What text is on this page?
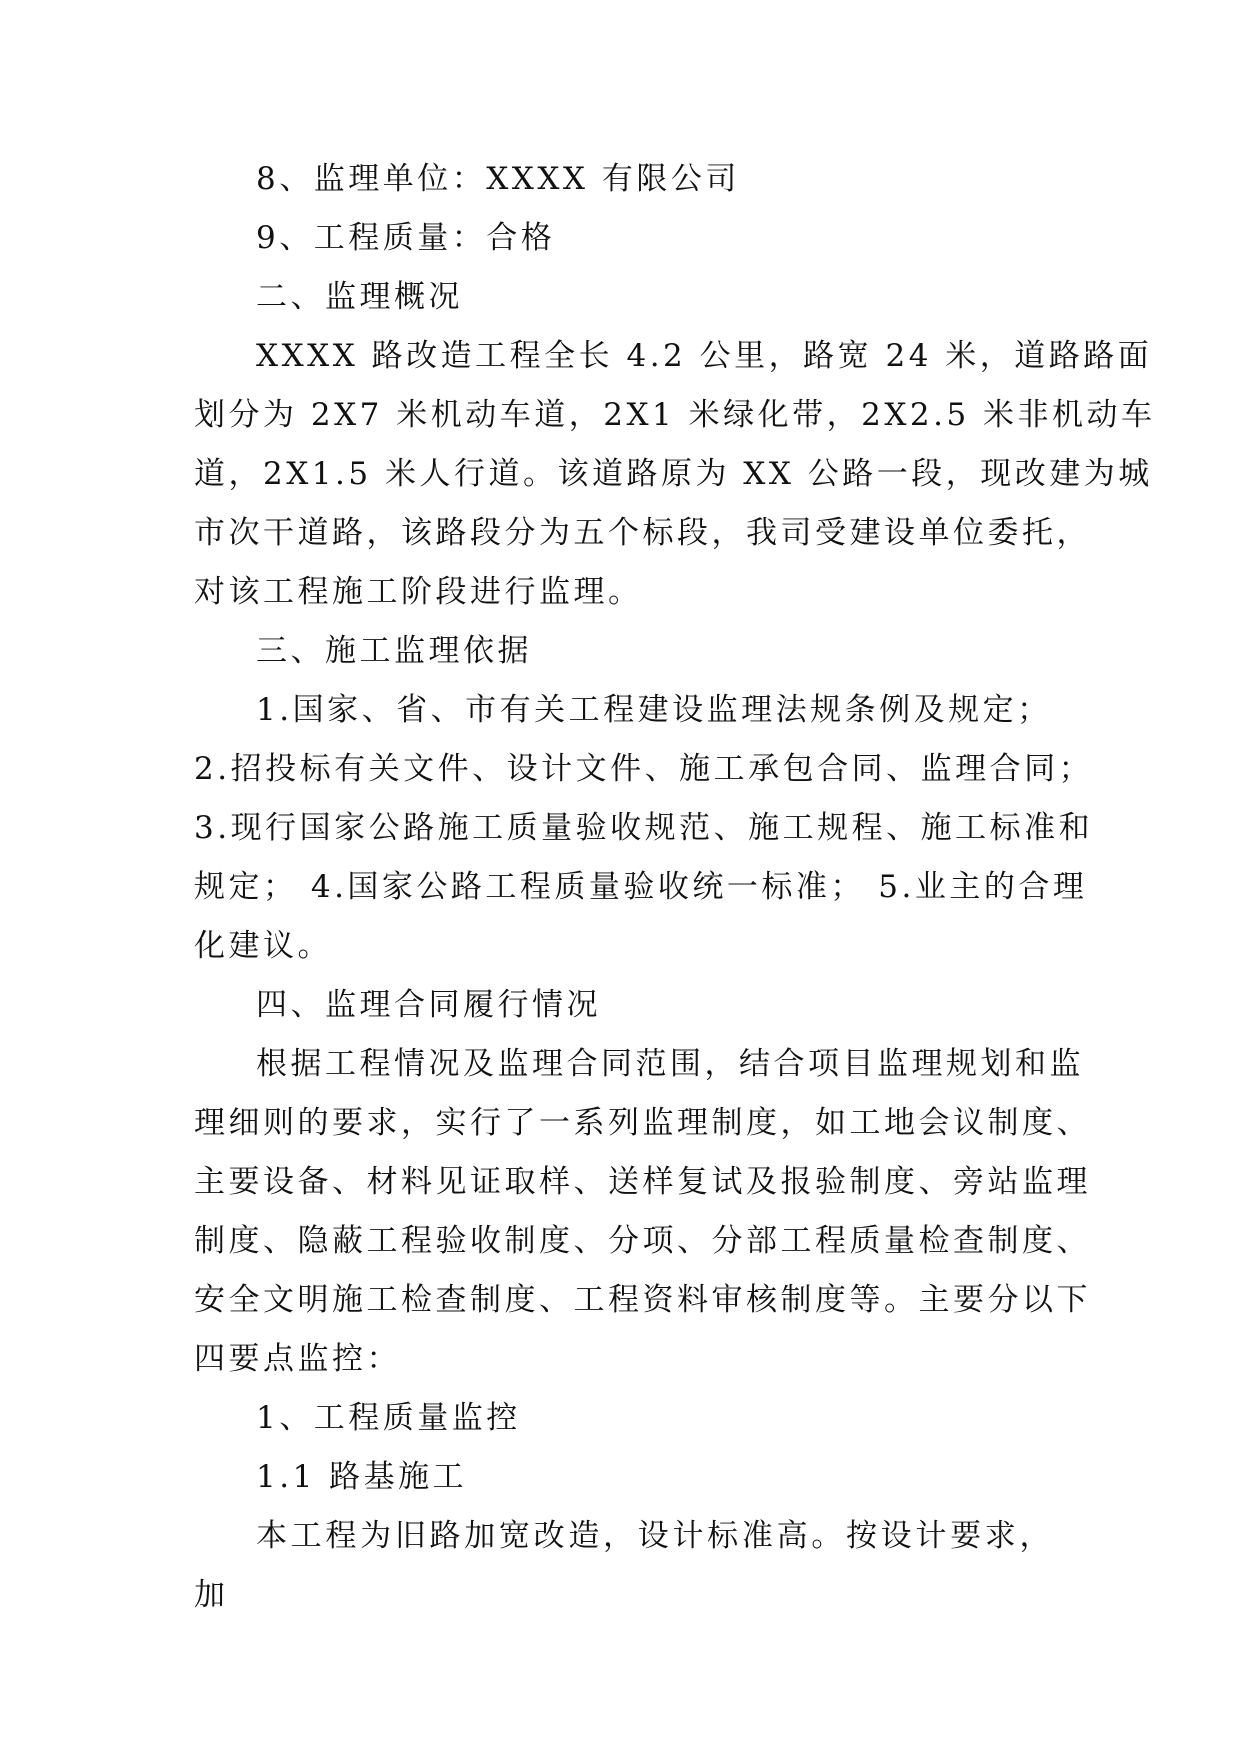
8、监理单位：XXXX 有限公司

9、工程质量：合格

二、监理概况

XXXX 路改造工程全长 4.2 公里，路宽 24 米，道路路面
划分为 2X7 米机动车道，2X1 米绿化带，2X2.5 米非机动车
道，2X1.5 米人行道。该道路原为 XX 公路一段，现改建为城
市次干道路，该路段分为五个标段，我司受建设单位委托，
对该工程施工阶段进行监理。

三、施工监理依据

1.国家、省、市有关工程建设监理法规条例及规定；
2.招投标有关文件、设计文件、施工承包合同、监理合同；
3.现行国家公路施工质量验收规范、施工规程、施工标准和
规定； 4.国家公路工程质量验收统一标准； 5.业主的合理
化建议。

四、监理合同履行情况

根据工程情况及监理合同范围，结合项目监理规划和监
理细则的要求，实行了一系列监理制度，如工地会议制度、
主要设备、材料见证取样、送样复试及报验制度、旁站监理
制度、隐蔽工程验收制度、分项、分部工程质量检查制度、
安全文明施工检查制度、工程资料审核制度等。主要分以下
四要点监控：

1、工程质量监控

1.1 路基施工

本工程为旧路加宽改造，设计标准高。按设计要求，加
